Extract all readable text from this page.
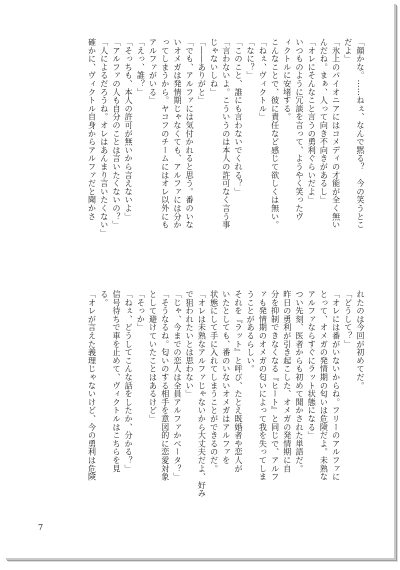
「顔かな。……ねぇ、なんで黙る？　今の笑うとこ

だよ」

「氷上のパイオニアにはコメディの才能が全く無い

んだね。まぁ、人って向き不向きがあるし」

「オレにそんなこと言うの勇利ぐらいだよ」

いつものように冗談を言って、ようやく笑ったヴ

ィクトルに安堵する。

こんなことで、彼に責任など感じて欲しくは無い。

「ねぇ、ヴィクトル」

「なに？」

「このこと、誰にも言わないでくれる？」

「言わないよ。こういうのは本人の許可なく言う事

じゃないしね」

「――ありがと」

「でも、アルファには気付かれると思う。番のいな

いオメガは発情期じゃなくても、アルファには分か

ってしまうから。ヤコフのチームにはオレ以外にも

アルファがいる」

「えっ、誰？」

「そっちも、本人の許可が無いから言えないよ」

「アルファの人も自分のことは言いたくないの？」

「人によるだろうね。オレはあんまり言いたくない」

確かに、ヴィクトル自身からアルファだと聞かさ

れたのは今回が初めてだ。

「どうして？」

「オレには番がいないからね。フリーのアルファに

とって、オメガの発情期の匂いは危険だよ。未熟な

アルファならすぐにラット状態になる」

つい先刻、医者からも初めて聞かされた単語だ。

昨日の勇利が引き起こした、オメガの発情期に自

分を抑制できなくなる『ヒート』と同じで、アルフ

ァも発情期のオメガの匂いによって我を失ってしま

うことがあるらしい。

それを『ラット』と呼び、たとえ既婚者や恋人が

いたとしても、番のいないオメガはアルファを

状態にして手に入れてしまうことができるのだ。

「オレは未熟なアルファじゃないから大丈夫だよ、好み

で狙われたいとは思わない」

「じゃ、今までの恋人は全員アルファかベータ？」

「そうなるね。匂いのする相手を意図的に恋愛対象

として避けていたことはあるけど」

「そっか」

「ねぇ、どうしてこんな話をしたか、分かる？」

信号待ちで車を止めて、ヴィクトルはこちらを見

る。

「オレが言えた義理じゃないけど、今の勇利は危険

7
